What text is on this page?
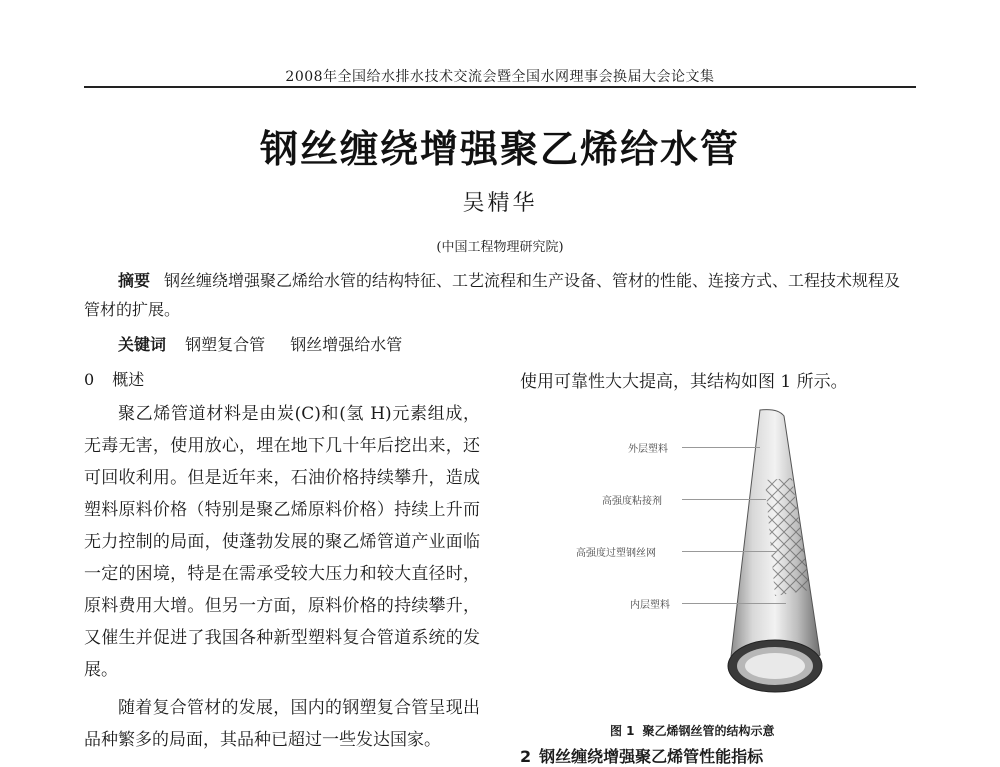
2008年全国给水排水技术交流会暨全国水网理事会换届大会论文集
钢丝缠绕增强聚乙烯给水管
吴精华
(中国工程物理研究院)
摘要 钢丝缠绕增强聚乙烯给水管的结构特征、工艺流程和生产设备、管材的性能、连接方式、工程技术规程及管材的扩展。
关键词 钢塑复合管 钢丝增强给水管
0 概述

聚乙烯管道材料是由炭(C)和(氢 H)元素组成，无毒无害，使用放心，埋在地下几十年后挖出来，还可回收利用。但是近年来，石油价格持续攀升，造成塑料原料价格（特别是聚乙烯原料价格）持续上升而无力控制的局面，使蓬勃发展的聚乙烯管道产业面临一定的困境，特是在需承受较大压力和较大直径时，原料费用大增。但另一方面，原料价格的持续攀升，又催生并促进了我国各种新型塑料复合管道系统的发展。

随着复合管材的发展，国内的钢塑复合管呈现出品种繁多的局面，其品种已超过一些发达国家。

使用可靠性大大提高，其结构如图 1 所示。
外层塑料
高强度粘接剂
高强度过塑钢丝网
内层塑料
图 1 聚乙烯钢丝管的结构示意
2 钢丝缠绕增强聚乙烯管性能指标
